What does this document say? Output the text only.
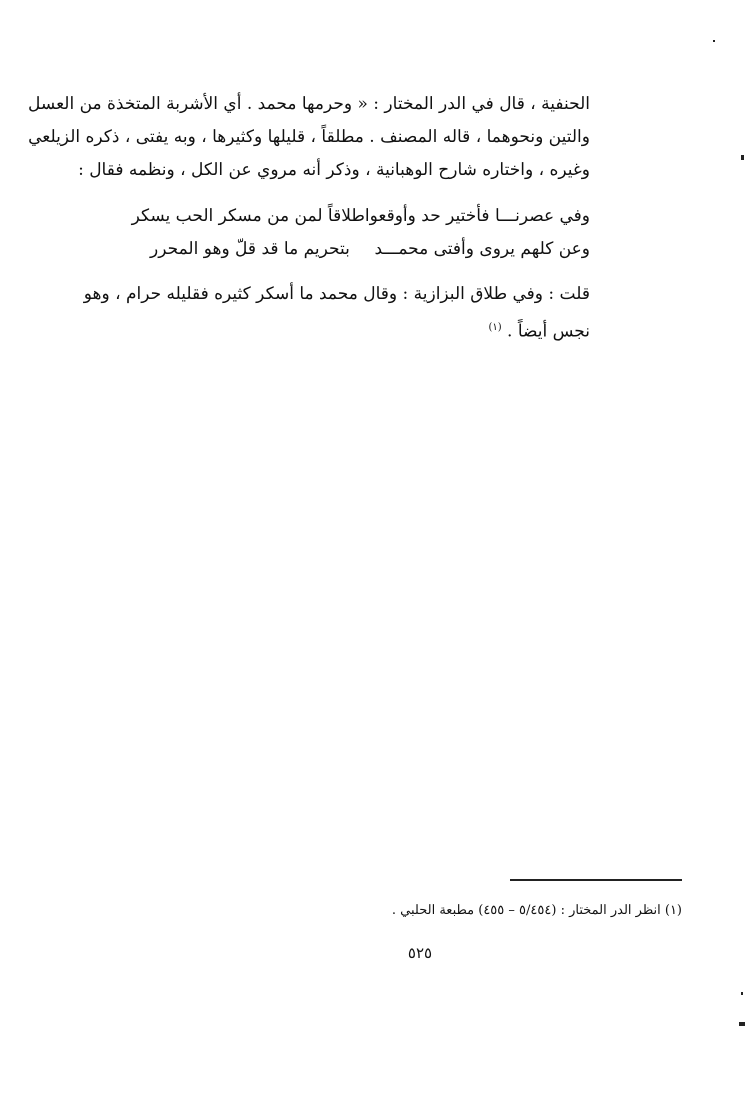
الحنفية ، قال في الدر المختار : « وحرمها محمد . أي الأشربة المتخذة من العسل
والتين ونحوهما ، قاله المصنف . مطلقاً ، قليلها وكثيرها ، وبه يفتى ، ذكره الزيلعي
وغيره ، واختاره شارح الوهبانية ، وذكر أنه مروي عن الكل ، ونظمه فقال :
وفي عصرنـــا فأختير حد وأوقعوا
طلاقاً لمن من مسكر الحب يسكر
وعن كلهم يروى وأفتى محمـــد
بتحريم ما قد قلّ وهو المحرر
قلت : وفي طلاق البزازية : وقال محمد ما أسكر كثيره فقليله حرام ، وهو
نجس أيضاً . $^{(١)}$
(١) انظر الدر المختار : (٥/٤٥٤ – ٤٥٥) مطبعة الحلبي .
٥٢٥
